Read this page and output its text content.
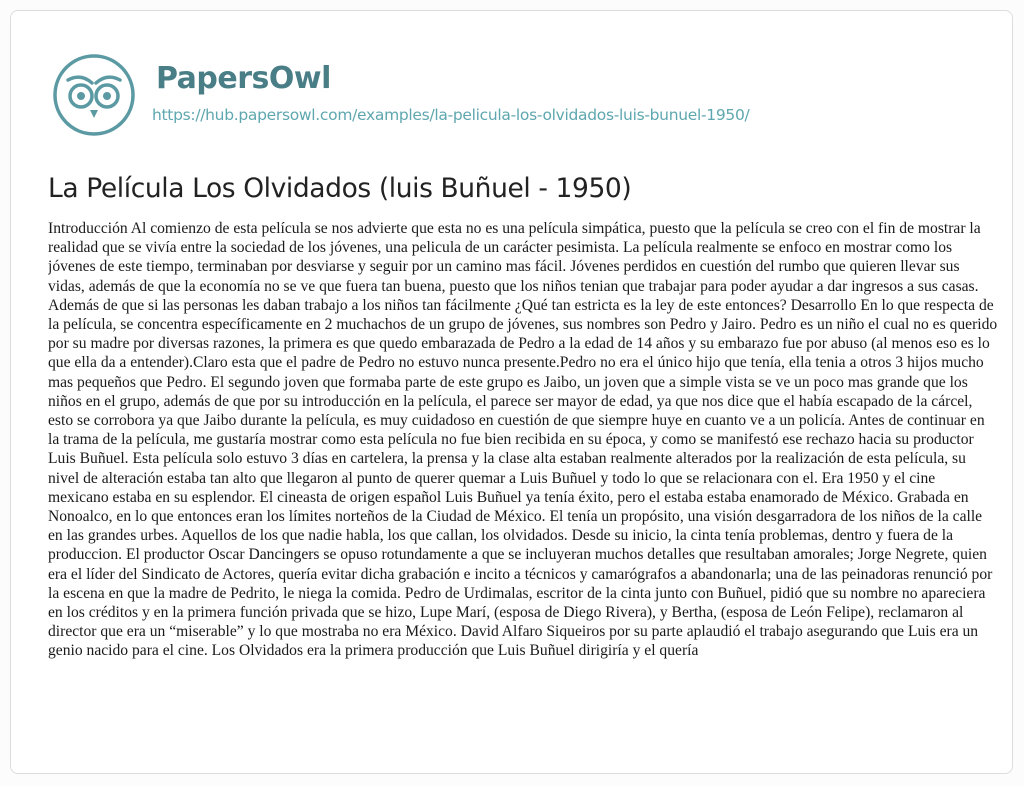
PapersOwl
https://hub.papersowl.com/examples/la-pelicula-los-olvidados-luis-bunuel-1950/
La Película Los Olvidados (luis Buñuel - 1950)

Introducción Al comienzo de esta película se nos advierte que esta no es una película simpática, puesto que la película se creo con el fin de mostrar la realidad que se vivía entre la sociedad de los jóvenes, una pelicula de un carácter pesimista. La película realmente se enfoco en mostrar como los jóvenes de este tiempo, terminaban por desviarse y seguir por un camino mas fácil. Jóvenes perdidos en cuestión del rumbo que quieren llevar sus vidas, además de que la economía no se ve que fuera tan buena, puesto que los niños tenian que trabajar para poder ayudar a dar ingresos a sus casas. Además de que si las personas les daban trabajo a los niños tan fácilmente ¿Qué tan estricta es la ley de este entonces? Desarrollo En lo que respecta de la película, se concentra específicamente en 2 muchachos de un grupo de jóvenes, sus nombres son Pedro y Jairo. Pedro es un niño el cual no es querido por su madre por diversas razones, la primera es que quedo embarazada de Pedro a la edad de 14 años y su embarazo fue por abuso (al menos eso es lo que ella da a entender).Claro esta que el padre de Pedro no estuvo nunca presente.Pedro no era el único hijo que tenía, ella tenia a otros 3 hijos mucho mas pequeños que Pedro. El segundo joven que formaba parte de este grupo es Jaibo, un joven que a simple vista se ve un poco mas grande que los niños en el grupo, además de que por su introducción en la película, el parece ser mayor de edad, ya que nos dice que el había escapado de la cárcel, esto se corrobora ya que Jaibo durante la película, es muy cuidadoso en cuestión de que siempre huye en cuanto ve a un policía. Antes de continuar en la trama de la película, me gustaría mostrar como esta película no fue bien recibida en su época, y como se manifestó ese rechazo hacia su productor Luis Buñuel. Esta película solo estuvo 3 días en cartelera, la prensa y la clase alta estaban realmente alterados por la realización de esta película, su nivel de alteración estaba tan alto que llegaron al punto de querer quemar a Luis Buñuel y todo lo que se relacionara con el. Era 1950 y el cine mexicano estaba en su esplendor. El cineasta de origen español Luis Buñuel ya tenía éxito, pero el estaba estaba enamorado de México. Grabada en Nonoalco, en lo que entonces eran los límites norteños de la Ciudad de México. El tenía un propósito, una visión desgarradora de los niños de la calle en las grandes urbes. Aquellos de los que nadie habla, los que callan, los olvidados. Desde su inicio, la cinta tenía problemas, dentro y fuera de la produccion. El productor Oscar Dancingers se opuso rotundamente a que se incluyeran muchos detalles que resultaban amorales; Jorge Negrete, quien era el líder del Sindicato de Actores, quería evitar dicha grabación e incito a técnicos y camarógrafos a abandonarla; una de las peinadoras renunció por la escena en que la madre de Pedrito, le niega la comida. Pedro de Urdimalas, escritor de la cinta junto con Buñuel, pidió que su nombre no apareciera en los créditos y en la primera función privada que se hizo, Lupe Marí, (esposa de Diego Rivera), y Bertha, (esposa de León Felipe), reclamaron al director que era un “miserable” y lo que mostraba no era México. David Alfaro Siqueiros por su parte aplaudió el trabajo asegurando que Luis era un genio nacido para el cine. Los Olvidados era la primera producción que Luis Buñuel dirigiría y el quería
